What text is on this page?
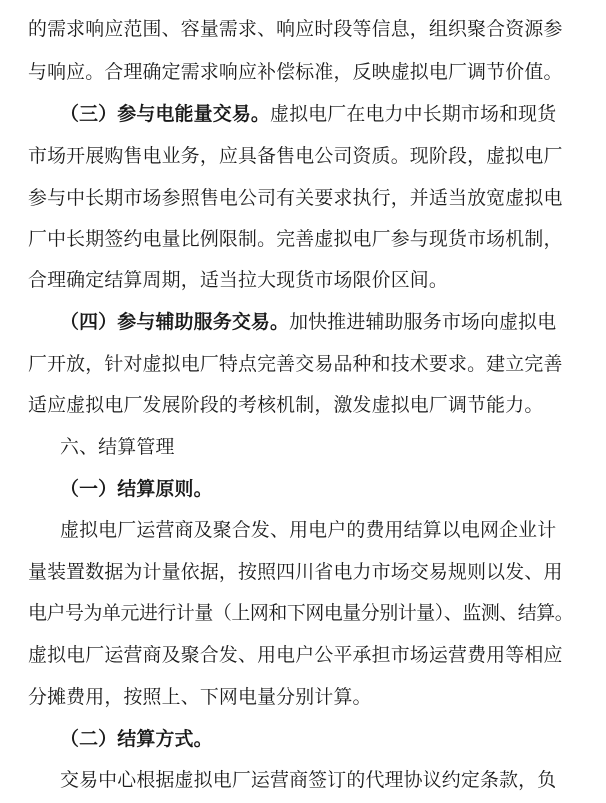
的需求响应范围、容量需求、响应时段等信息，组织聚合资源参
与响应。合理确定需求响应补偿标准，反映虚拟电厂调节价值。
（三）参与电能量交易。虚拟电厂在电力中长期市场和现货
市场开展购售电业务，应具备售电公司资质。现阶段，虚拟电厂
参与中长期市场参照售电公司有关要求执行，并适当放宽虚拟电
厂中长期签约电量比例限制。完善虚拟电厂参与现货市场机制，
合理确定结算周期，适当拉大现货市场限价区间。
（四）参与辅助服务交易。加快推进辅助服务市场向虚拟电
厂开放，针对虚拟电厂特点完善交易品种和技术要求。建立完善
适应虚拟电厂发展阶段的考核机制，激发虚拟电厂调节能力。
六、结算管理
（一）结算原则。
虚拟电厂运营商及聚合发、用电户的费用结算以电网企业计
量装置数据为计量依据，按照四川省电力市场交易规则以发、用
电户号为单元进行计量（上网和下网电量分别计量）、监测、结算。
虚拟电厂运营商及聚合发、用电户公平承担市场运营费用等相应
分摊费用，按照上、下网电量分别计算。
（二）结算方式。
交易中心根据虚拟电厂运营商签订的代理协议约定条款，负
